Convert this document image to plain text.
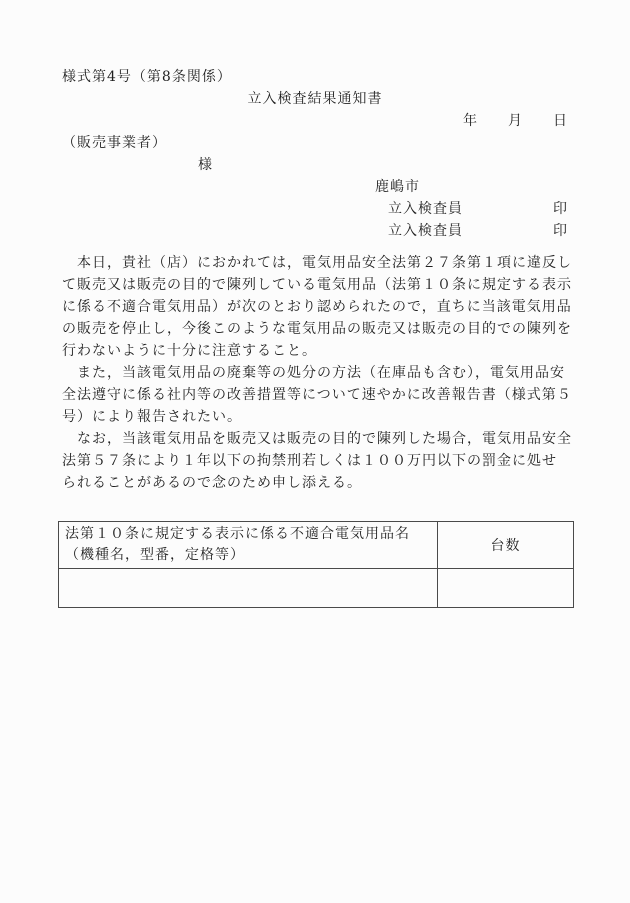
様式第4号（第8条関係）
立入検査結果通知書
年　　月　　日
（販売事業者）
様
鹿嶋市
立入検査員	印
立入検査員	印
　本日，貴社（店）におかれては，電気用品安全法第２７条第１項に違反し
て販売又は販売の目的で陳列している電気用品（法第１０条に規定する表示
に係る不適合電気用品）が次のとおり認められたので，直ちに当該電気用品
の販売を停止し，今後このような電気用品の販売又は販売の目的での陳列を
行わないように十分に注意すること。
　また，当該電気用品の廃棄等の処分の方法（在庫品も含む），電気用品安
全法遵守に係る社内等の改善措置等について速やかに改善報告書（様式第５
号）により報告されたい。
　なお，当該電気用品を販売又は販売の目的で陳列した場合，電気用品安全
法第５７条により１年以下の拘禁刑若しくは１００万円以下の罰金に処せ
られることがあるので念のため申し添える。
法第１０条に規定する表示に係る不適合電気用品名
（機種名，型番，定格等）	台数
